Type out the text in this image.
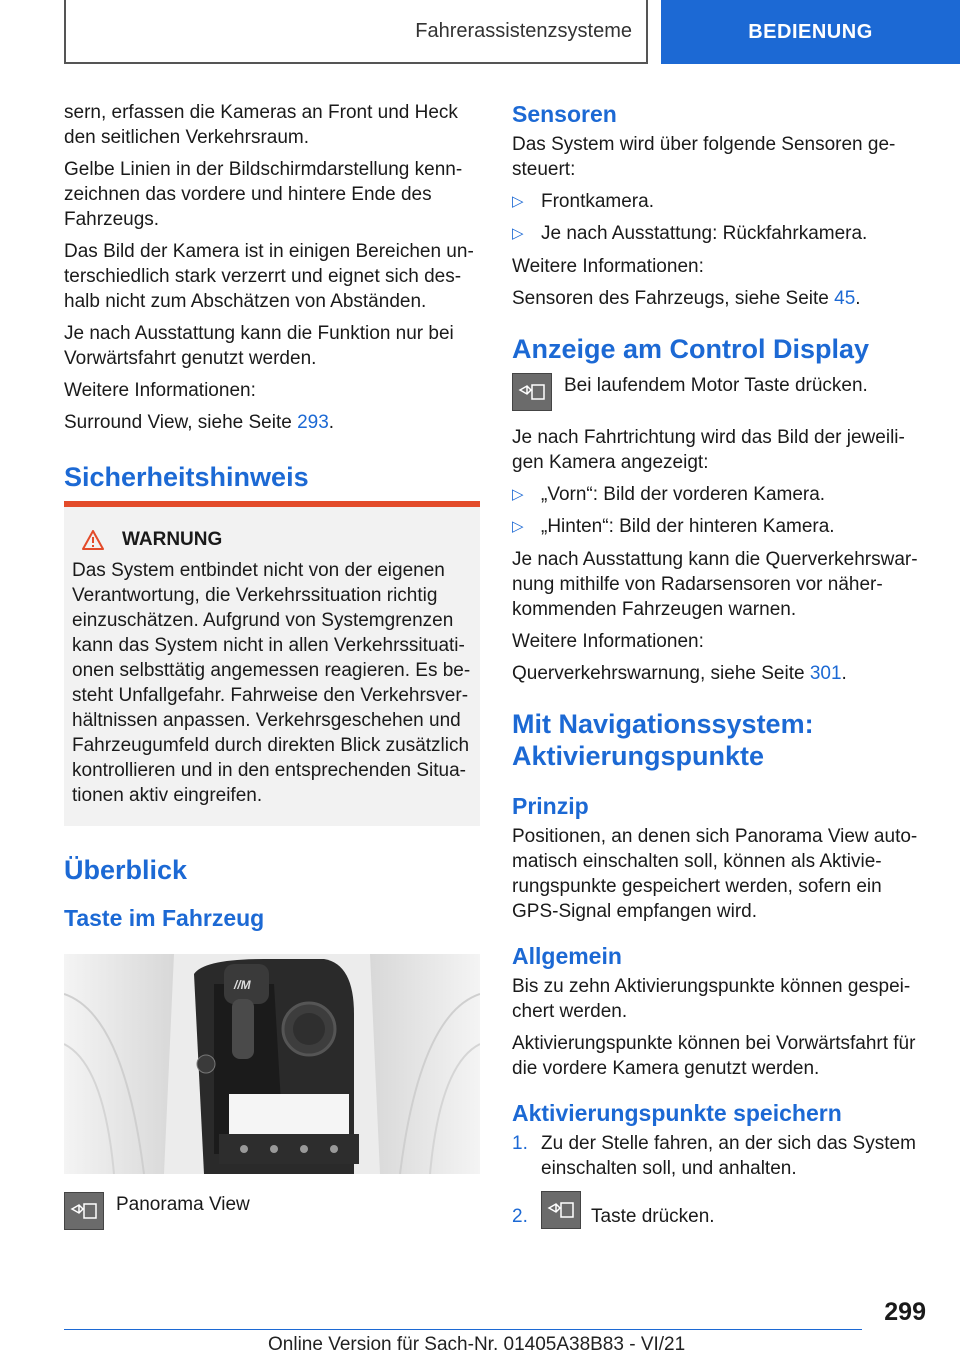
Fahrerassistenzsysteme	BEDIENUNG

sern, erfassen die Kameras an Front und Heck den seitlichen Verkehrsraum.

Gelbe Linien in der Bildschirmdarstellung kenn-zeichnen das vordere und hintere Ende des Fahrzeugs.

Das Bild der Kamera ist in einigen Bereichen un-terschiedlich stark verzerrt und eignet sich des-halb nicht zum Abschätzen von Abständen.

Je nach Ausstattung kann die Funktion nur bei Vorwärtsfahrt genutzt werden.

Weitere Informationen:

Surround View, siehe Seite 293.

Sicherheitshinweis
WARNUNG
Das System entbindet nicht von der eigenen Verantwortung, die Verkehrssituation richtig einzuschätzen. Aufgrund von Systemgrenzen kann das System nicht in allen Verkehrssituati-onen selbsttätig angemessen reagieren. Es be-steht Unfallgefahr. Fahrweise den Verkehrsver-hältnissen anpassen. Verkehrsgeschehen und Fahrzeugumfeld durch direkten Blick zusätzlich kontrollieren und in den entsprechenden Situa-tionen aktiv eingreifen.
Überblick
Taste im Fahrzeug
//M
Panorama View
Sensoren

Das System wird über folgende Sensoren ge-steuert:

▷ Frontkamera.
▷ Je nach Ausstattung: Rückfahrkamera.

Weitere Informationen:

Sensoren des Fahrzeugs, siehe Seite 45.

Anzeige am Control Display
Bei laufendem Motor Taste drücken.

Je nach Fahrtrichtung wird das Bild der jeweili-gen Kamera angezeigt:

▷ „Vorn“: Bild der vorderen Kamera.
▷ „Hinten“: Bild der hinteren Kamera.

Je nach Ausstattung kann die Querverkehrswar-nung mithilfe von Radarsensoren vor näher-kommenden Fahrzeugen warnen.

Weitere Informationen:

Querverkehrswarnung, siehe Seite 301.

Mit Navigationssystem: Aktivierungspunkte
Prinzip

Positionen, an denen sich Panorama View auto-matisch einschalten soll, können als Aktivie-rungspunkte gespeichert werden, sofern ein GPS-Signal empfangen wird.

Allgemein

Bis zu zehn Aktivierungspunkte können gespei-chert werden.

Aktivierungspunkte können bei Vorwärtsfahrt für die vordere Kamera genutzt werden.

Aktivierungspunkte speichern
1. Zu der Stelle fahren, an der sich das System einschalten soll, und anhalten.
2.	Taste drücken.
299
Online Version für Sach-Nr. 01405A38B83 - VI/21
